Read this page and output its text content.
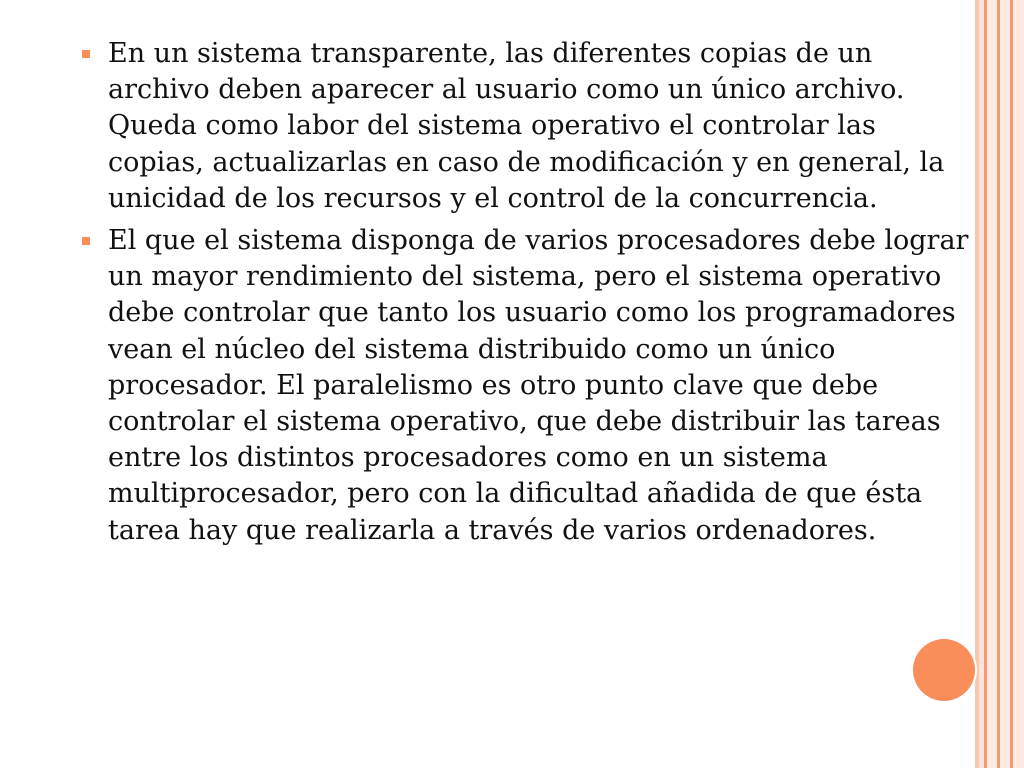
En un sistema transparente, las diferentes copias de un archivo deben aparecer al usuario como un único archivo. Queda como labor del sistema operativo el controlar las copias, actualizarlas en caso de modificación y en general, la unicidad de los recursos y el control de la concurrencia.
El que el sistema disponga de varios procesadores debe lograr un mayor rendimiento del sistema, pero el sistema operativo debe controlar que tanto los usuario como los programadores vean el núcleo del sistema distribuido como un único procesador. El paralelismo es otro punto clave que debe controlar el sistema operativo, que debe distribuir las tareas entre los distintos procesadores como en un sistema multiprocesador, pero con la dificultad añadida de que ésta tarea hay que realizarla a través de varios ordenadores.
